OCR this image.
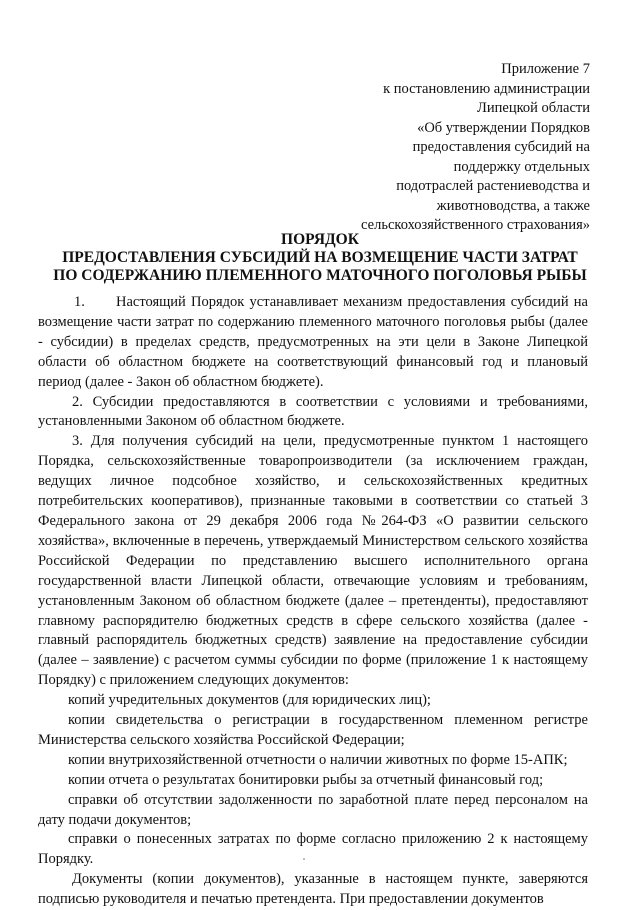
Приложение 7
к постановлению администрации
Липецкой области
«Об утверждении Порядков
предоставления субсидий на
поддержку отдельных
подотраслей растениеводства и
животноводства, а также
сельскохозяйственного страхования»
ПОРЯДОК
ПРЕДОСТАВЛЕНИЯ СУБСИДИЙ НА ВОЗМЕЩЕНИЕ ЧАСТИ ЗАТРАТ
ПО СОДЕРЖАНИЮ ПЛЕМЕННОГО МАТОЧНОГО ПОГОЛОВЬЯ РЫБЫ

1. Настоящий Порядок устанавливает механизм предоставления субсидий на возмещение части затрат по содержанию племенного маточного поголовья рыбы (далее - субсидии) в пределах средств, предусмотренных на эти цели в Законе Липецкой области об областном бюджете на соответствующий финансовый год и плановый период (далее - Закон об областном бюджете).

2. Субсидии предоставляются в соответствии с условиями и требованиями, установленными Законом об областном бюджете.

3. Для получения субсидий на цели, предусмотренные пунктом 1 настоящего Порядка, сельскохозяйственные товаропроизводители (за исключением граждан, ведущих личное подсобное хозяйство, и сельскохозяйственных кредитных потребительских кооперативов), признанные таковыми в соответствии со статьей 3 Федерального закона от 29 декабря 2006 года №264-ФЗ «О развитии сельского хозяйства», включенные в перечень, утверждаемый Министерством сельского хозяйства Российской Федерации по представлению высшего исполнительного органа государственной власти Липецкой области, отвечающие условиям и требованиям, установленным Законом об областном бюджете (далее – претенденты), предоставляют главному распорядителю бюджетных средств в сфере сельского хозяйства (далее - главный распорядитель бюджетных средств) заявление на предоставление субсидии (далее – заявление) с расчетом суммы субсидии по форме (приложение 1 к настоящему Порядку) с приложением следующих документов:

копий учредительных документов (для юридических лиц);

копии свидетельства о регистрации в государственном племенном регистре Министерства сельского хозяйства Российской Федерации;

копии внутрихозяйственной отчетности о наличии животных по форме 15-АПК;

копии отчета о результатах бонитировки рыбы за отчетный финансовый год;

справки об отсутствии задолженности по заработной плате перед персоналом на дату подачи документов;

справки о понесенных затратах по форме согласно приложению 2 к настоящему Порядку.

Документы (копии документов), указанные в настоящем пункте, заверяются подписью руководителя и печатью претендента. При предоставлении документов
